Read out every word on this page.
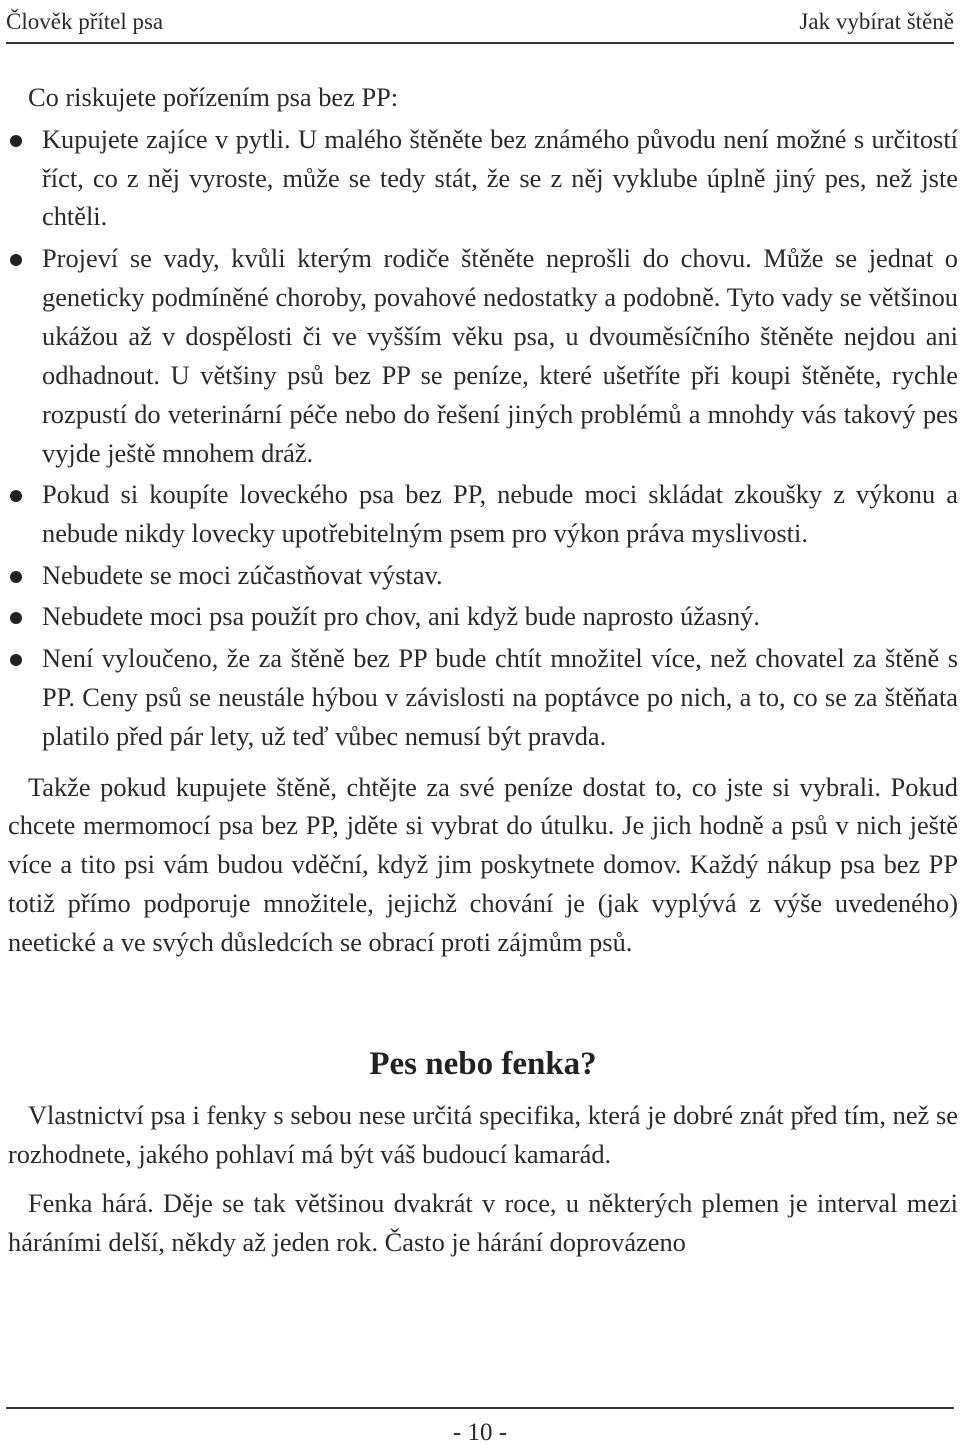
Člověk přítel psa	Jak vybírat štěně

Co riskujete pořízením psa bez PP:

Kupujete zajíce v pytli. U malého štěněte bez známého původu není možné s určitostí říct, co z něj vyroste, může se tedy stát, že se z něj vyklube úplně jiný pes, než jste chtěli.
Projeví se vady, kvůli kterým rodiče štěněte neprošli do chovu. Může se jednat o geneticky podmíněné choroby, povahové nedostatky a podobně. Tyto vady se většinou ukážou až v dospělosti či ve vyšším věku psa, u dvouměsíčního štěněte nejdou ani odhadnout. U většiny psů bez PP se peníze, které ušetříte při koupi štěněte, rychle rozpustí do veterinární péče nebo do řešení jiných problémů a mnohdy vás takový pes vyjde ještě mnohem dráž.
Pokud si koupíte loveckého psa bez PP, nebude moci skládat zkoušky z výkonu a nebude nikdy lovecky upotřebitelným psem pro výkon práva myslivosti.
Nebudete se moci zúčastňovat výstav.
Nebudete moci psa použít pro chov, ani když bude naprosto úžasný.
Není vyloučeno, že za štěně bez PP bude chtít množitel více, než chovatel za štěně s PP. Ceny psů se neustále hýbou v závislosti na poptávce po nich, a to, co se za štěňata platilo před pár lety, už teď vůbec nemusí být pravda.

Takže pokud kupujete štěně, chtějte za své peníze dostat to, co jste si vybrali. Pokud chcete mermomocí psa bez PP, jděte si vybrat do útulku. Je jich hodně a psů v nich ještě více a tito psi vám budou vděční, když jim poskytnete domov. Každý nákup psa bez PP totiž přímo podporuje množitele, jejichž chování je (jak vyplývá z výše uvedeného) neetické a ve svých důsledcích se obrací proti zájmům psů.

Pes nebo fenka?

Vlastnictví psa i fenky s sebou nese určitá specifika, která je dobré znát před tím, než se rozhodnete, jakého pohlaví má být váš budoucí kamarád.

Fenka hárá. Děje se tak většinou dvakrát v roce, u některých plemen je interval mezi háráními delší, někdy až jeden rok. Často je hárání doprovázeno

- 10 -
